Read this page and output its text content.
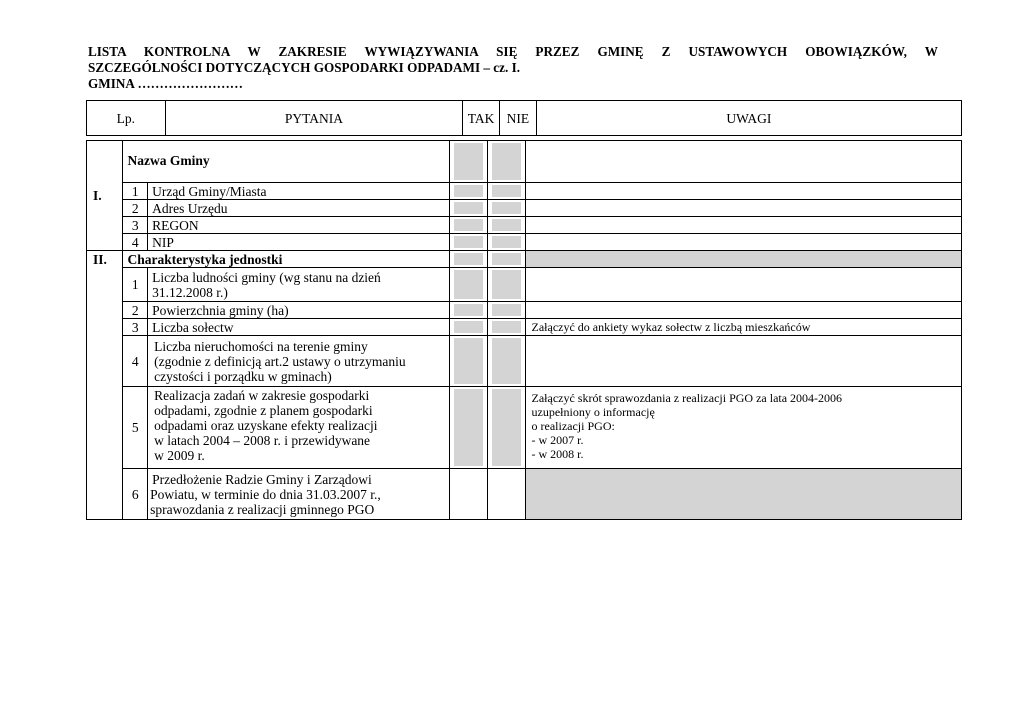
LISTA KONTROLNA W ZAKRESIE WYWIĄZYWANIA SIĘ PRZEZ GMINĘ Z USTAWOWYCH OBOWIĄZKÓW, W
SZCZEGÓLNOŚCI DOTYCZĄCYCH GOSPODARKI ODPADAMI – cz. I.
GMINA ……………………
Lp.	PYTANIA	TAK	NIE	UWAGI
I.	Nazwa Gminy		

	1	Urząd Gminy/Miasta	

	2	Adres Urzędu	

	3	REGON	

	4	NIP	

II.	Charakterystyka jednostki		

	1	Liczba ludności gminy (wg stanu na dzień
31.12.2008 r.)			

	2	Powierzchnia gminy (ha)	

	3	Liczba sołectw			Załączyć do ankiety wykaz sołectw z liczbą mieszkańców
	4	Liczba nieruchomości na terenie gminy
(zgodnie z definicją art.2 ustawy o utrzymaniu
czystości i porządku w gminach)			

	5	Realizacja zadań w zakresie gospodarki
odpadami, zgodnie z planem gospodarki
odpadami oraz uzyskane efekty realizacji
w latach 2004 – 2008 r. i przewidywane
w 2009 r.			Załączyć skrót sprawozdania z realizacji PGO za lata 2004-2006
uzupełniony o informację
o realizacji PGO:
- w 2007 r.
- w 2008 r.

	6	Przedłożenie Radzie Gminy i Zarządowi
Powiatu, w terminie do dnia 31.03.2007 r.,
sprawozdania z realizacji gminnego PGO			
